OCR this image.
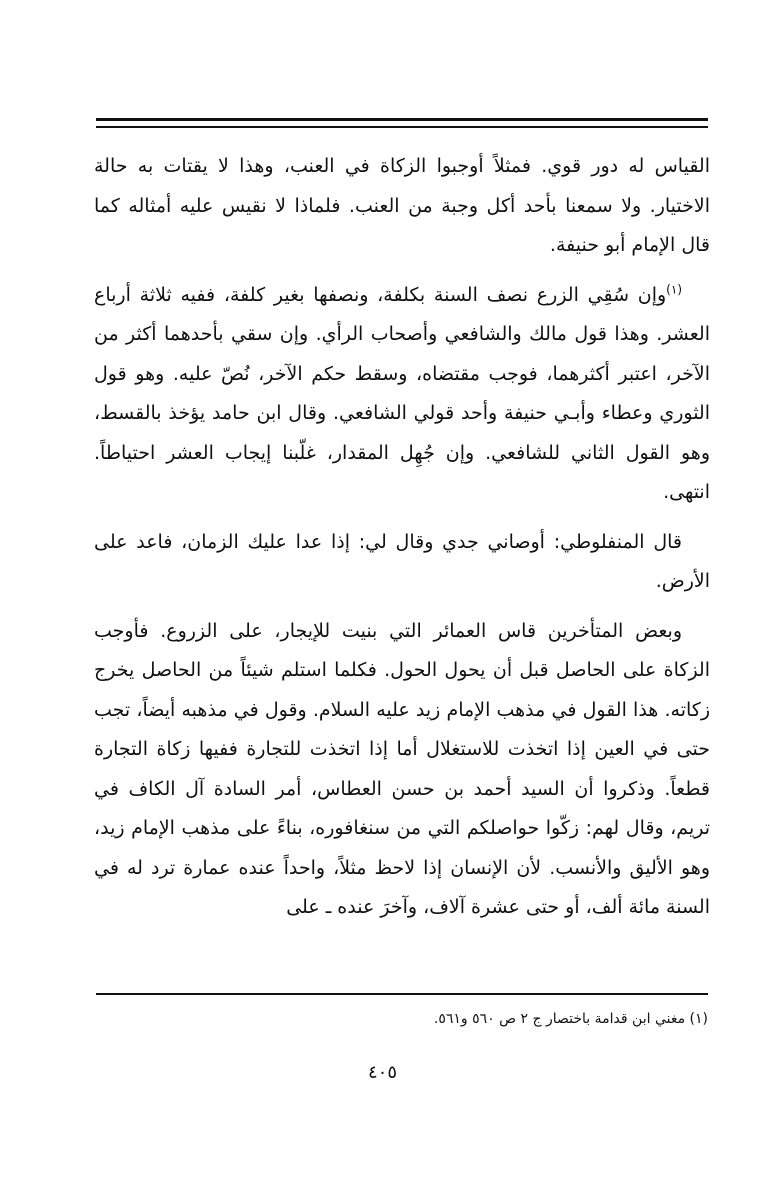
القياس له دور قوي. فمثلاً أوجبوا الزكاة في العنب، وهذا لا يقتات به حالة الاختيار. ولا سمعنا بأحد أكل وجبة من العنب. فلماذا لا نقيس عليه أمثاله كما قال الإمام أبو حنيفة.

$^{(١)}$وإن سُقِي الزرع نصف السنة بكلفة، ونصفها بغير كلفة، ففيه ثلاثة أرباع العشر. وهذا قول مالك والشافعي وأصحاب الرأي. وإن سقي بأحدهما أكثر من الآخر، اعتبر أكثرهما، فوجب مقتضاه، وسقط حكم الآخر، نُصّ عليه. وهو قول الثوري وعطاء وأبـي حنيفة وأحد قولي الشافعي. وقال ابن حامد يؤخذ بالقسط، وهو القول الثاني للشافعي. وإن جُهِل المقدار، غلّبنا إيجاب العشر احتياطاً. انتهى.

قال المنفلوطي: أوصاني جدي وقال لي: إذا عدا عليك الزمان، فاعد على الأرض.

وبعض المتأخرين قاس العمائر التي بنيت للإيجار، على الزروع. فأوجب الزكاة على الحاصل قبل أن يحول الحول. فكلما استلم شيئاً من الحاصل يخرج زكاته. هذا القول في مذهب الإمام زيد عليه السلام. وقول في مذهبه أيضاً، تجب حتى في العين إذا اتخذت للاستغلال أما إذا اتخذت للتجارة ففيها زكاة التجارة قطعاً. وذكروا أن السيد أحمد بن حسن العطاس، أمر السادة آل الكاف في تريم، وقال لهم: زكّوا حواصلكم التي من سنغافوره، بناءً على مذهب الإمام زيد، وهو الأليق والأنسب. لأن الإنسان إذا لاحظ مثلاً، واحداً عنده عمارة ترد له في السنة مائة ألف، أو حتى عشرة آلاف، وآخرَ عنده ـ على

(١) مغني ابن قدامة باختصار ج ٢ ص ٥٦٠ و٥٦١.
٤٠٥
